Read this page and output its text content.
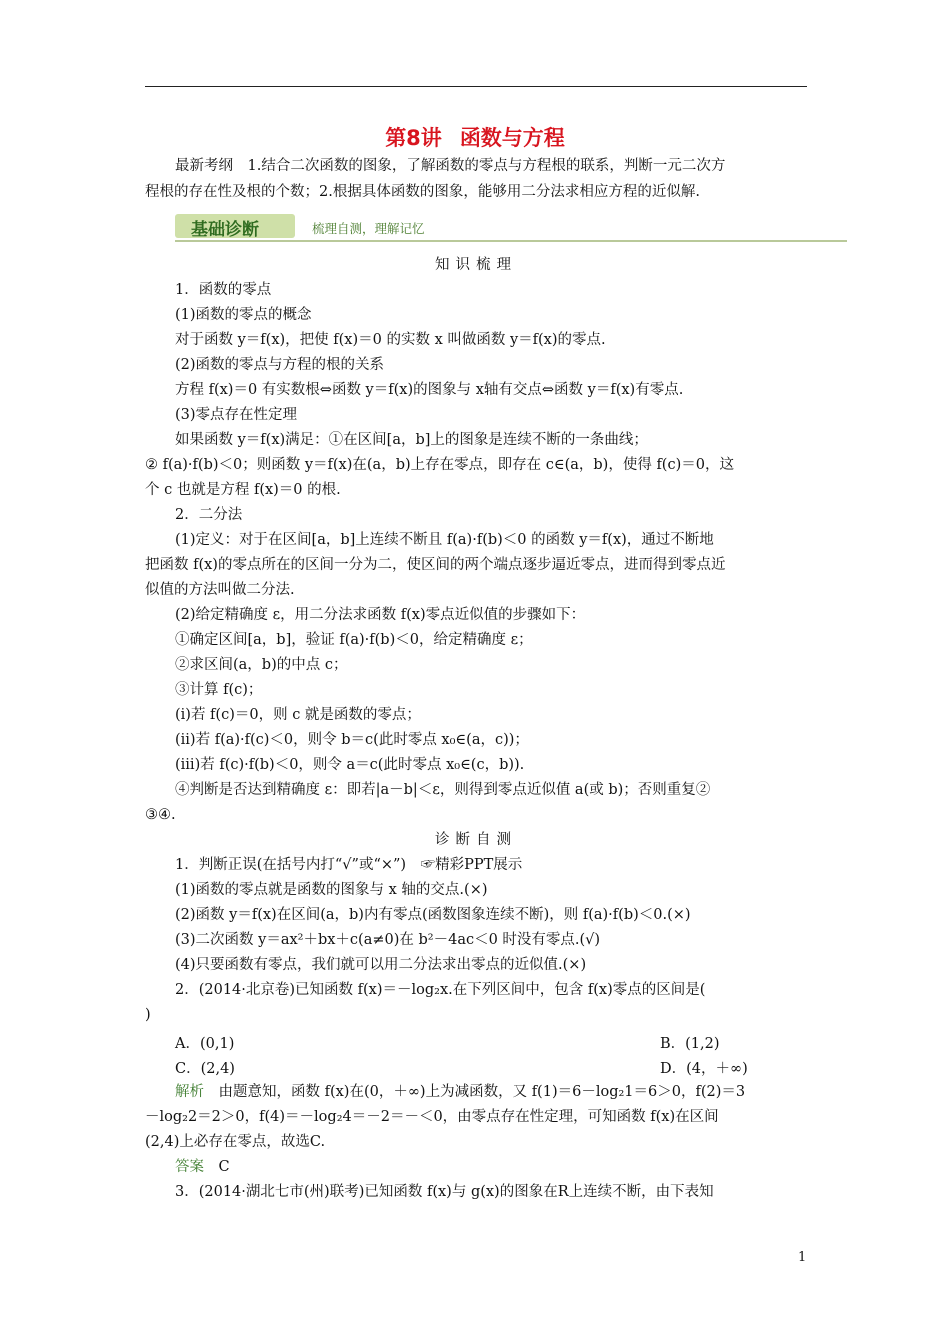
第8讲 函数与方程
最新考纲　1.结合二次函数的图象，了解函数的零点与方程根的联系，判断一元二次方
程根的存在性及根的个数；2.根据具体函数的图象，能够用二分法求相应方程的近似解.
基础诊断	梳理自测，理解记忆
知识梳理
1．函数的零点
(1)函数的零点的概念
对于函数 y＝f(x)，把使 f(x)＝0 的实数 x 叫做函数 y＝f(x)的零点.
(2)函数的零点与方程的根的关系
方程 f(x)＝0 有实数根⇔函数 y＝f(x)的图象与 x轴有交点⇔函数 y＝f(x)有零点.
(3)零点存在性定理
如果函数 y＝f(x)满足：①在区间[a，b]上的图象是连续不断的一条曲线；
② f(a)·f(b)＜0；则函数 y＝f(x)在(a，b)上存在零点，即存在 c∈(a，b)，使得 f(c)＝0，这
个 c 也就是方程 f(x)＝0 的根.
2．二分法
(1)定义：对于在区间[a，b]上连续不断且 f(a)·f(b)＜0 的函数 y＝f(x)，通过不断地
把函数 f(x)的零点所在的区间一分为二，使区间的两个端点逐步逼近零点，进而得到零点近
似值的方法叫做二分法.
(2)给定精确度 ε，用二分法求函数 f(x)零点近似值的步骤如下：
①确定区间[a，b]，验证 f(a)·f(b)＜0，给定精确度 ε；
②求区间(a，b)的中点 c；
③计算 f(c)；
(ⅰ)若 f(c)＝0，则 c 就是函数的零点；
(ⅱ)若 f(a)·f(c)＜0，则令 b＝c(此时零点 x₀∈(a，c))；
(ⅲ)若 f(c)·f(b)＜0，则令 a＝c(此时零点 x₀∈(c，b)).
④判断是否达到精确度 ε：即若|a－b|＜ε，则得到零点近似值 a(或 b)；否则重复②
③④.
诊断自测
1．判断正误(在括号内打“√”或“×”)　☞精彩PPT展示
(1)函数的零点就是函数的图象与 x 轴的交点.(×)
(2)函数 y＝f(x)在区间(a，b)内有零点(函数图象连续不断)，则 f(a)·f(b)＜0.(×)
(3)二次函数 y＝ax²＋bx＋c(a≠0)在 b²－4ac＜0 时没有零点.(√)
(4)只要函数有零点，我们就可以用二分法求出零点的近似值.(×)
2．(2014·北京卷)已知函数 f(x)＝－log₂x.在下列区间中，包含 f(x)零点的区间是(
)
A．(0,1)	B．(1,2)
C．(2,4)	D．(4，＋∞)
解析　 由题意知，函数 f(x)在(0，＋∞)上为减函数，又 f(1)＝6－log₂1＝6＞0，f(2)＝3
－log₂2＝2＞0，f(4)＝－log₂4＝－2＝－＜0，由零点存在性定理，可知函数 f(x)在区间
(2,4)上必存在零点，故选C.
答案　 C
3．(2014·湖北七市(州)联考)已知函数 f(x)与 g(x)的图象在R上连续不断，由下表知
1
